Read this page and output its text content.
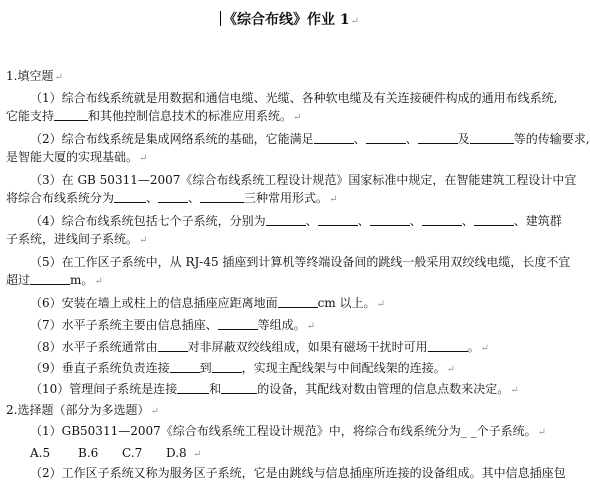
《综合布线》作业 1↵
1.填空题↵
（1）综合布线系统就是用数据和通信电缆、光缆、各种软电缆及有关连接硬件构成的通用布线系统,
它能支持	和其他控制信息技术的标准应用系统。↵
（2）综合布线系统是集成网络系统的基础，它能满足	、	、	及	等的传输要求,
是智能大厦的实现基础。↵
（3）在 GB 50311—2007《综合布线系统工程设计规范》国家标准中规定，在智能建筑工程设计中宜
将综合布线系统分为	、	、	三种常用形式。↵
（4）综合布线系统包括七个子系统，分别为	、	、	、	、	、建筑群
子系统，进线间子系统。↵
（5）在工作区子系统中，从 RJ-45 插座到计算机等终端设备间的跳线一般采用双绞线电缆，长度不宜
超过	m。↵
（6）安装在墙上或柱上的信息插座应距离地面	cm 以上。↵
（7）水平子系统主要由信息插座、	等组成。↵
（8）水平子系统通常由	对非屏蔽双绞线组成，如果有磁场干扰时可用	。↵
（9）垂直子系统负责连接	到	，实现主配线架与中间配线架的连接。↵
（10）管理间子系统是连接	和	的设备，其配线对数由管理的信息点数来决定。↵
2.选择题（部分为多选题）↵
（1）GB50311—2007《综合布线系统工程设计规范》中，将综合布线系统分为_ _个子系统。↵
A.5 B.6 C.7 D.8 ↵
（2）工作区子系统又称为服务区子系统，它是由跳线与信息插座所连接的设备组成。其中信息插座包
